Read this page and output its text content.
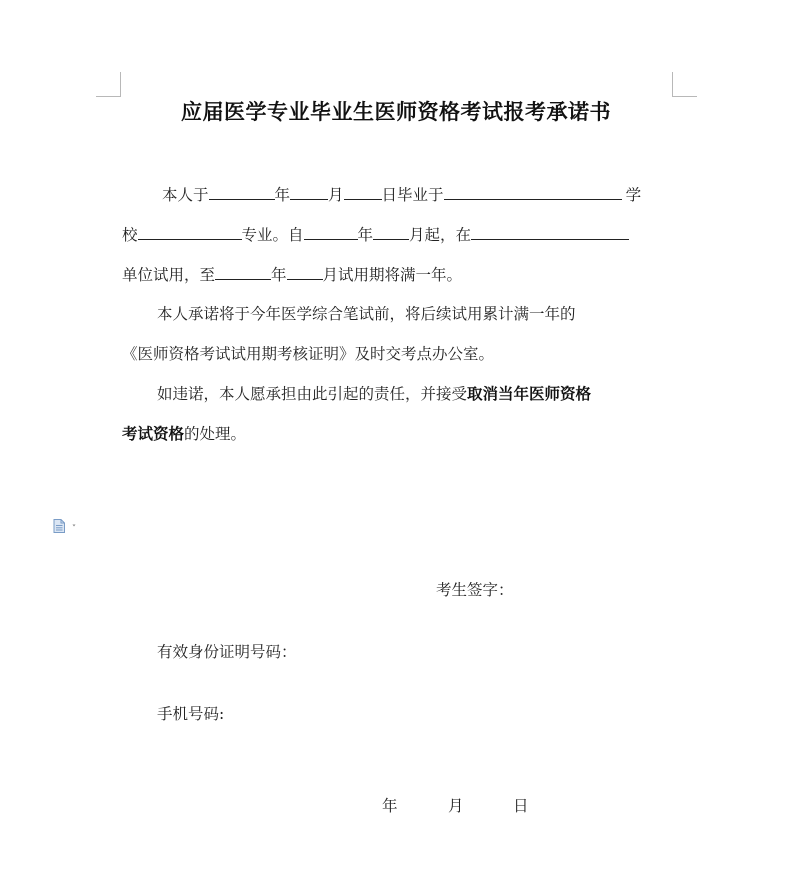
应届医学专业毕业生医师资格考试报考承诺书
本人于	年 月 日毕业于	学
校	专业。自	年 月起，在
单位试用，至	年 月试用期将满一年。
本人承诺将于今年医学综合笔试前，将后续试用累计满一年的
《医师资格考试试用期考核证明》及时交考点办公室。
如违诺，本人愿承担由此引起的责任，并接受取消当年医师资格
考试资格的处理。
考生签字：
有效身份证明号码：
手机号码:
年	月	日
